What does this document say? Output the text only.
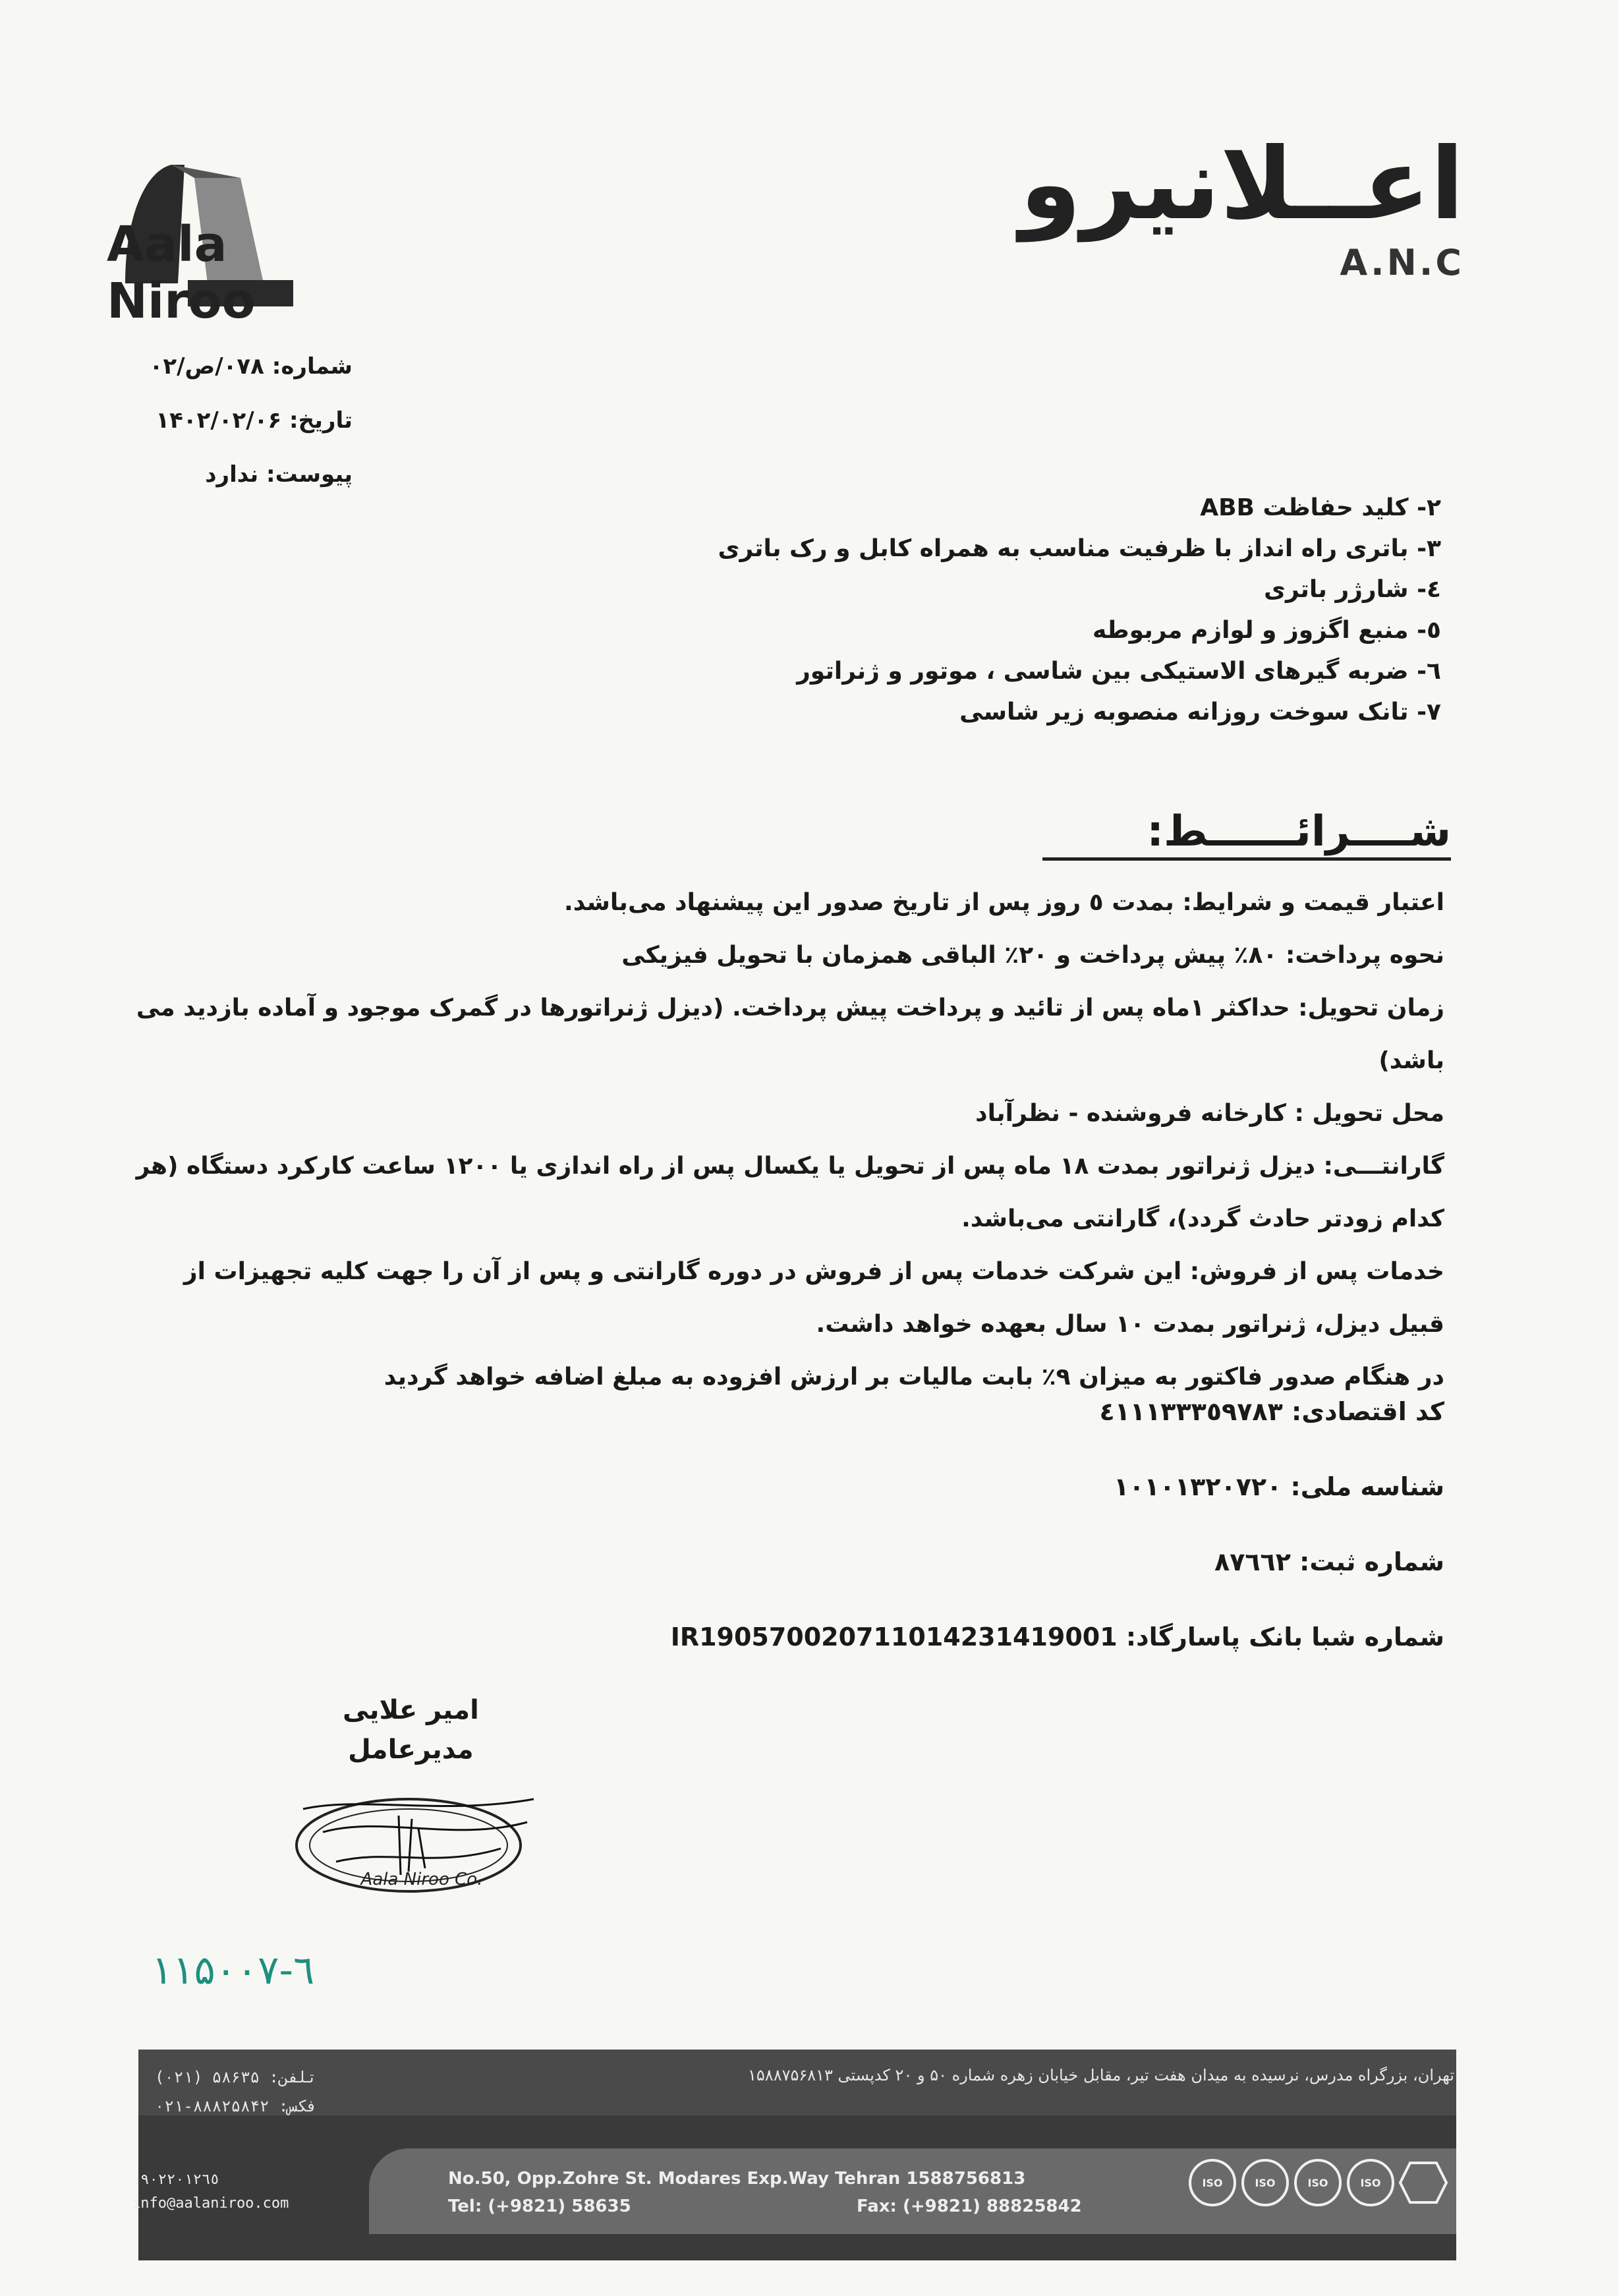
Aala Niroo
اعــلانیرو
A.N.C
شماره: ۰۷۸/ص/۰۲
تاریخ: ۱۴۰۲/۰۲/۰۶
پیوست: ندارد
۲- کلید حفاظت ABB
۳- باتری راه انداز با ظرفیت مناسب به همراه کابل و رک باتری
٤- شارژر باتری
٥- منبع اگزوز و لوازم مربوطه
٦- ضربه گیرهای الاستیکی بین شاسی ، موتور و ژنراتور
۷- تانک سوخت روزانه منصوبه زیر شاسی
شــــرائــــــط:

اعتبار قیمت و شرایط: بمدت ٥ روز پس از تاریخ صدور این پیشنهاد می‌باشد.

نحوه پرداخت: ۸۰٪ پیش پرداخت و ۲۰٪ الباقی همزمان با تحویل فیزیکی

زمان تحویل: حداکثر ۱ماه پس از تائید و پرداخت پیش پرداخت. (دیزل ژنراتورها در گمرک موجود و آماده بازدید می باشد)

محل تحویل : کارخانه فروشنده - نظرآباد

گارانتـــی: دیزل ژنراتور بمدت ۱۸ ماه پس از تحویل یا یکسال پس از راه اندازی یا ۱۲۰۰ ساعت کارکرد دستگاه (هر کدام زودتر حادث گردد)، گارانتی می‌باشد.

خدمات پس از فروش: این شرکت خدمات پس از فروش در دوره گارانتی و پس از آن را جهت کلیه تجهیزات از قبیل دیزل، ژنراتور بمدت ۱۰ سال بعهده خواهد داشت.

در هنگام صدور فاکتور به میزان ۹٪ بابت مالیات بر ارزش افزوده به مبلغ اضافه خواهد گردید

کد اقتصادی: ٤۱۱۱۳۳۳٥۹۷۸۳
شناسه ملی: ۱۰۱۰۱۳۲۰۷۲۰
شماره ثبت: ۸۷٦٦۲
شماره شبا بانک پاسارگاد: IR190570020711014231419001
امیر علایی
مدیرعامل
Aala Niroo Co.
۱۱۵۰۰۷-٦
تهران، بزرگراه مدرس، نرسیده به میدان هفت تیر، مقابل خیابان زهره شماره ۵۰ و ۲۰ کدپستی ۱۵۸۸۷۵۶۸۱۳
تلفن: ۵۸۶۳۵ (۰۲۱)
فکس: ۸۸۸۲۵۸۴۲-۰۲۱
No.50, Opp.Zohre St. Modares Exp.Way Tehran 1588756813
Tel: (+9821) 58635	Fax: (+9821) 88825842
۰۹۰۲۲۰۱۲٦٥
info@aalaniroo.com
ISO	ISO	ISO	ISO
